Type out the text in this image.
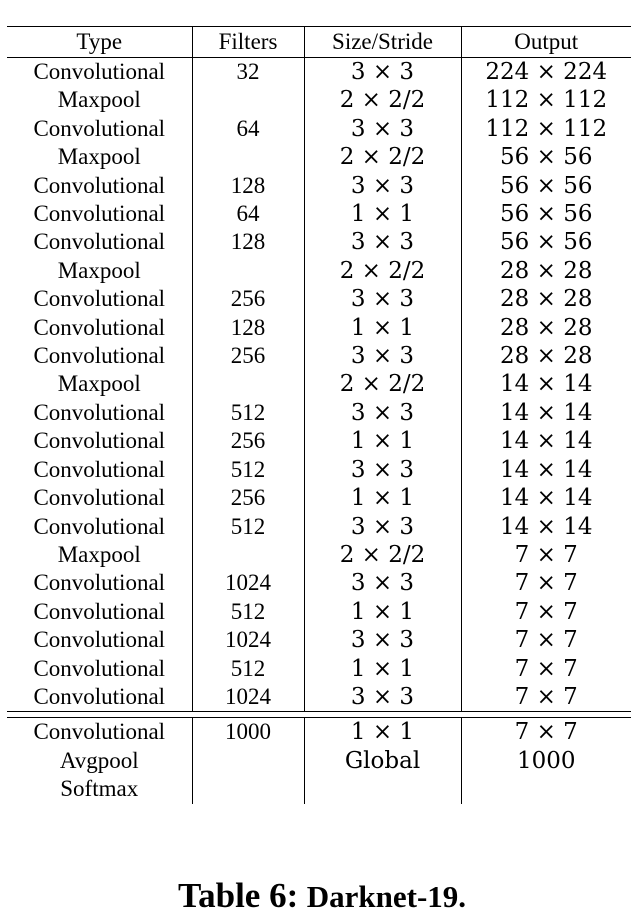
Type	Filters	Size/Stride	Output
Convolutional	32	3 × 3	224 × 224
Maxpool		2 × 2/2	112 × 112
Convolutional	64	3 × 3	112 × 112
Maxpool		2 × 2/2	56 × 56
Convolutional	128	3 × 3	56 × 56
Convolutional	64	1 × 1	56 × 56
Convolutional	128	3 × 3	56 × 56
Maxpool		2 × 2/2	28 × 28
Convolutional	256	3 × 3	28 × 28
Convolutional	128	1 × 1	28 × 28
Convolutional	256	3 × 3	28 × 28
Maxpool		2 × 2/2	14 × 14
Convolutional	512	3 × 3	14 × 14
Convolutional	256	1 × 1	14 × 14
Convolutional	512	3 × 3	14 × 14
Convolutional	256	1 × 1	14 × 14
Convolutional	512	3 × 3	14 × 14
Maxpool		2 × 2/2	7 × 7
Convolutional	1024	3 × 3	7 × 7
Convolutional	512	1 × 1	7 × 7
Convolutional	1024	3 × 3	7 × 7
Convolutional	512	1 × 1	7 × 7
Convolutional	1024	3 × 3	7 × 7

Convolutional	1000	1 × 1	7 × 7
Avgpool		Global	1000
Softmax			
Table 6: Darknet-19.
